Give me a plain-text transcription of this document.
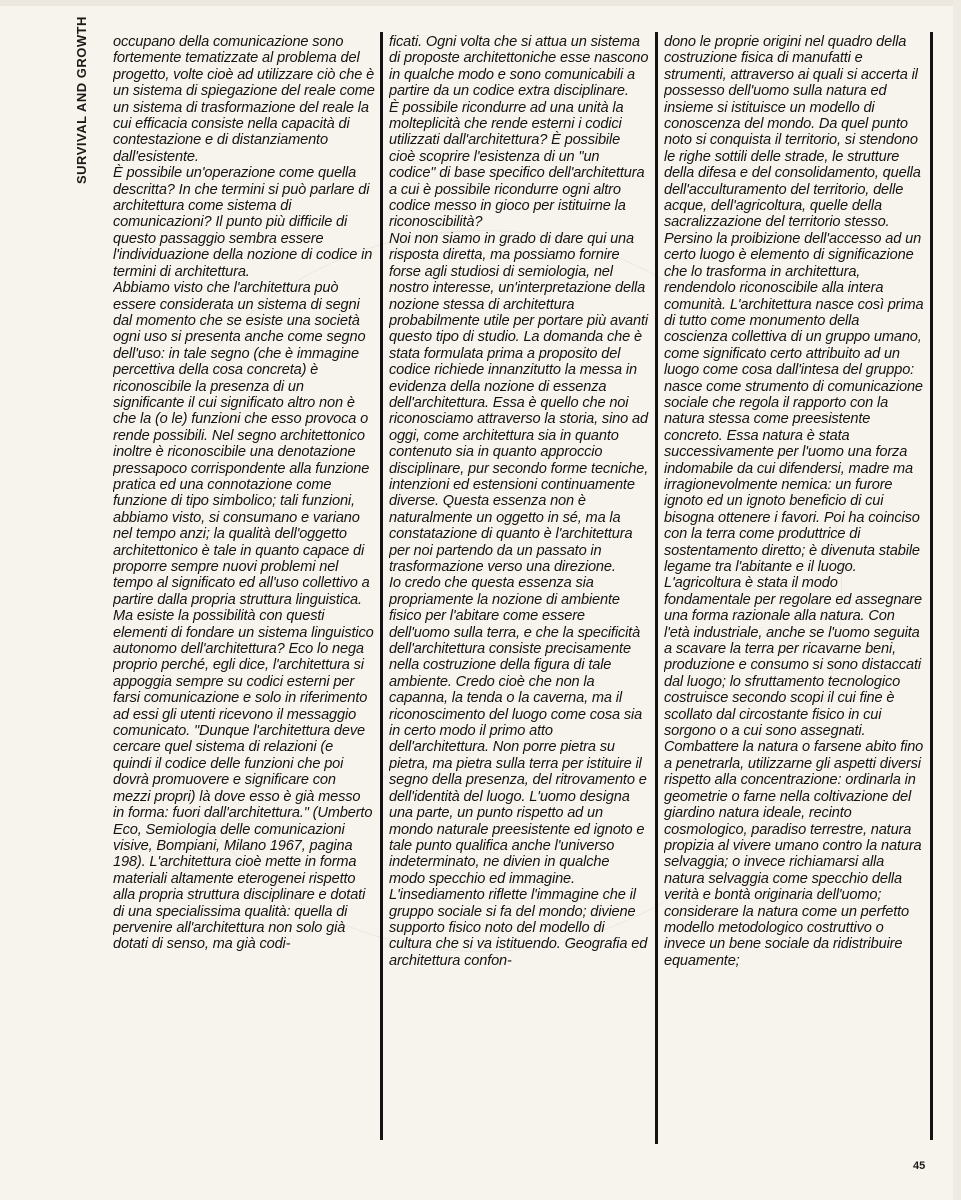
SURVIVAL AND GROWTH	occupano della comunicazione sono fortemente tematizzate al problema del progetto, volte cioè ad utilizzare ciò che è un sistema di spiegazione del reale come un sistema di trasformazione del reale la cui efficacia consiste nella capacità di contestazione e di distanziamento dall'esistente.

È possibile un'operazione come quella descritta? In che termini si può parlare di architettura come sistema di comunicazioni? Il punto più difficile di questo passaggio sembra essere l'individuazione della nozione di codice in termini di architettura.

Abbiamo visto che l'architettura può essere considerata un sistema di segni dal momento che se esiste una società ogni uso si presenta anche come segno dell'uso: in tale segno (che è immagine percettiva della cosa concreta) è riconoscibile la presenza di un significante il cui significato altro non è che la (o le) funzioni che esso provoca o rende possibili. Nel segno architettonico inoltre è riconoscibile una denotazione pressapoco corrispondente alla funzione pratica ed una connotazione come funzione di tipo simbolico; tali funzioni, abbiamo visto, si consumano e variano nel tempo anzi; la qualità dell'oggetto architettonico è tale in quanto capace di proporre sempre nuovi problemi nel tempo al significato ed all'uso collettivo a partire dalla propria struttura linguistica. Ma esiste la possibilità con questi elementi di fondare un sistema linguistico autonomo dell'architettura? Eco lo nega proprio perché, egli dice, l'architettura si appoggia sempre su codici esterni per farsi comunicazione e solo in riferimento ad essi gli utenti ricevono il messaggio comunicato. "Dunque l'architettura deve cercare quel sistema di relazioni (e quindi il codice delle funzioni che poi dovrà promuovere e significare con mezzi propri) là dove esso è già messo in forma: fuori dall'architettura." (Umberto Eco, Semiologia delle comunicazioni visive, Bompiani, Milano 1967, pagina 198). L'architettura cioè mette in forma materiali altamente eterogenei rispetto alla propria struttura disciplinare e dotati di una specialissima qualità: quella di pervenire all'architettura non solo già dotati di senso, ma già codi-

ficati. Ogni volta che si attua un sistema di proposte architettoniche esse nascono in qualche modo e sono comunicabili a partire da un codice extra disciplinare.

È possibile ricondurre ad una unità la molteplicità che rende esterni i codici utilizzati dall'architettura? È possibile cioè scoprire l'esistenza di un "un codice" di base specifico dell'architettura a cui è possibile ricondurre ogni altro codice messo in gioco per istituirne la riconoscibilità?

Noi non siamo in grado di dare qui una risposta diretta, ma possiamo fornire forse agli studiosi di semiologia, nel nostro interesse, un'interpretazione della nozione stessa di architettura probabilmente utile per portare più avanti questo tipo di studio. La domanda che è stata formulata prima a proposito del codice richiede innanzitutto la messa in evidenza della nozione di essenza dell'architettura. Essa è quello che noi riconosciamo attraverso la storia, sino ad oggi, come architettura sia in quanto contenuto sia in quanto approccio disciplinare, pur secondo forme tecniche, intenzioni ed estensioni continuamente diverse. Questa essenza non è naturalmente un oggetto in sé, ma la constatazione di quanto è l'architettura per noi partendo da un passato in trasformazione verso una direzione.

Io credo che questa essenza sia propriamente la nozione di ambiente fisico per l'abitare come essere dell'uomo sulla terra, e che la specificità dell'architettura consiste precisamente nella costruzione della figura di tale ambiente. Credo cioè che non la capanna, la tenda o la caverna, ma il riconoscimento del luogo come cosa sia in certo modo il primo atto dell'architettura. Non porre pietra su pietra, ma pietra sulla terra per istituire il segno della presenza, del ritrovamento e dell'identità del luogo. L'uomo designa una parte, un punto rispetto ad un mondo naturale preesistente ed ignoto e tale punto qualifica anche l'universo indeterminato, ne divien in qualche modo specchio ed immagine. L'insediamento riflette l'immagine che il gruppo sociale si fa del mondo; diviene supporto fisico noto del modello di cultura che si va istituendo. Geografia ed architettura confon-

dono le proprie origini nel quadro della costruzione fisica di manufatti e strumenti, attraverso ai quali si accerta il possesso dell'uomo sulla natura ed insieme si istituisce un modello di conoscenza del mondo. Da quel punto noto si conquista il territorio, si stendono le righe sottili delle strade, le strutture della difesa e del consolidamento, quella dell'acculturamento del territorio, delle acque, dell'agricoltura, quelle della sacralizzazione del territorio stesso. Persino la proibizione dell'accesso ad un certo luogo è elemento di significazione che lo trasforma in architettura, rendendolo riconoscibile alla intera comunità. L'architettura nasce così prima di tutto come monumento della coscienza collettiva di un gruppo umano, come significato certo attribuito ad un luogo come cosa dall'intesa del gruppo: nasce come strumento di comunicazione sociale che regola il rapporto con la natura stessa come preesistente concreto. Essa natura è stata successivamente per l'uomo una forza indomabile da cui difendersi, madre ma irragionevolmente nemica: un furore ignoto ed un ignoto beneficio di cui bisogna ottenere i favori. Poi ha coinciso con la terra come produttrice di sostentamento diretto; è divenuta stabile legame tra l'abitante e il luogo. L'agricoltura è stata il modo fondamentale per regolare ed assegnare una forma razionale alla natura. Con l'età industriale, anche se l'uomo seguita a scavare la terra per ricavarne beni, produzione e consumo si sono distaccati dal luogo; lo sfruttamento tecnologico costruisce secondo scopi il cui fine è scollato dal circostante fisico in cui sorgono o a cui sono assegnati.

Combattere la natura o farsene abito fino a penetrarla, utilizzarne gli aspetti diversi rispetto alla concentrazione: ordinarla in geometrie o farne nella coltivazione del giardino natura ideale, recinto cosmologico, paradiso terrestre, natura propizia al vivere umano contro la natura selvaggia; o invece richiamarsi alla natura selvaggia come specchio della verità e bontà originaria dell'uomo; considerare la natura come un perfetto modello metodologico costruttivo o invece un bene sociale da ridistribuire equamente;

45
